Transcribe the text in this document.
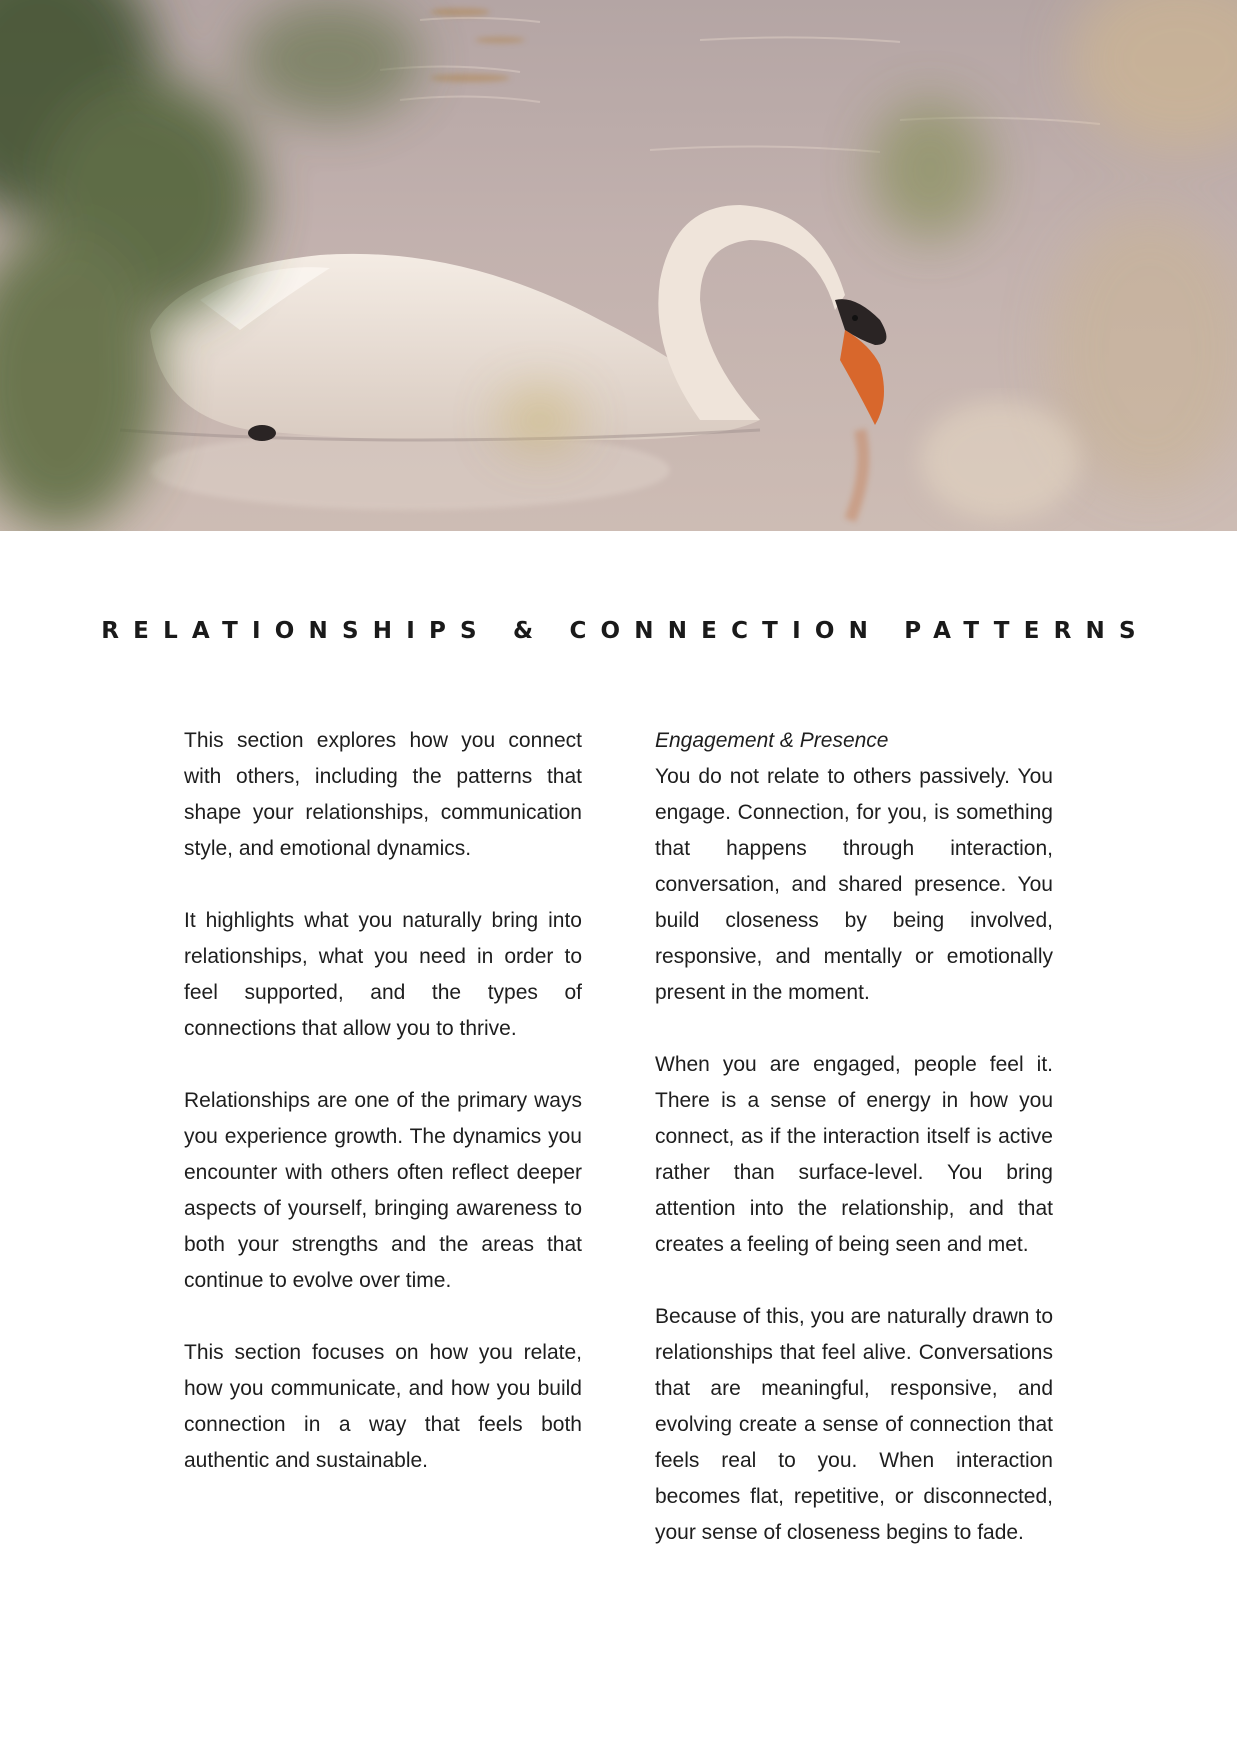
RELATIONSHIPS & CONNECTION PATTERNS

This section explores how you connect with others, including the patterns that shape your relationships, communication style, and emotional dynamics.

It highlights what you naturally bring into relationships, what you need in order to feel supported, and the types of connections that allow you to thrive.

Relationships are one of the primary ways you experience growth. The dynamics you encounter with others often reflect deeper aspects of yourself, bringing awareness to both your strengths and the areas that continue to evolve over time.

This section focuses on how you relate, how you communicate, and how you build connection in a way that feels both authentic and sustainable.

Engagement & Presence

You do not relate to others passively. You engage. Connection, for you, is something that happens through interaction, conversation, and shared presence. You build closeness by being involved, responsive, and mentally or emotionally present in the moment.

When you are engaged, people feel it. There is a sense of energy in how you connect, as if the interaction itself is active rather than surface-level. You bring attention into the relationship, and that creates a feeling of being seen and met.

Because of this, you are naturally drawn to relationships that feel alive. Conversations that are meaningful, responsive, and evolving create a sense of connection that feels real to you. When interaction becomes flat, repetitive, or disconnected, your sense of closeness begins to fade.
